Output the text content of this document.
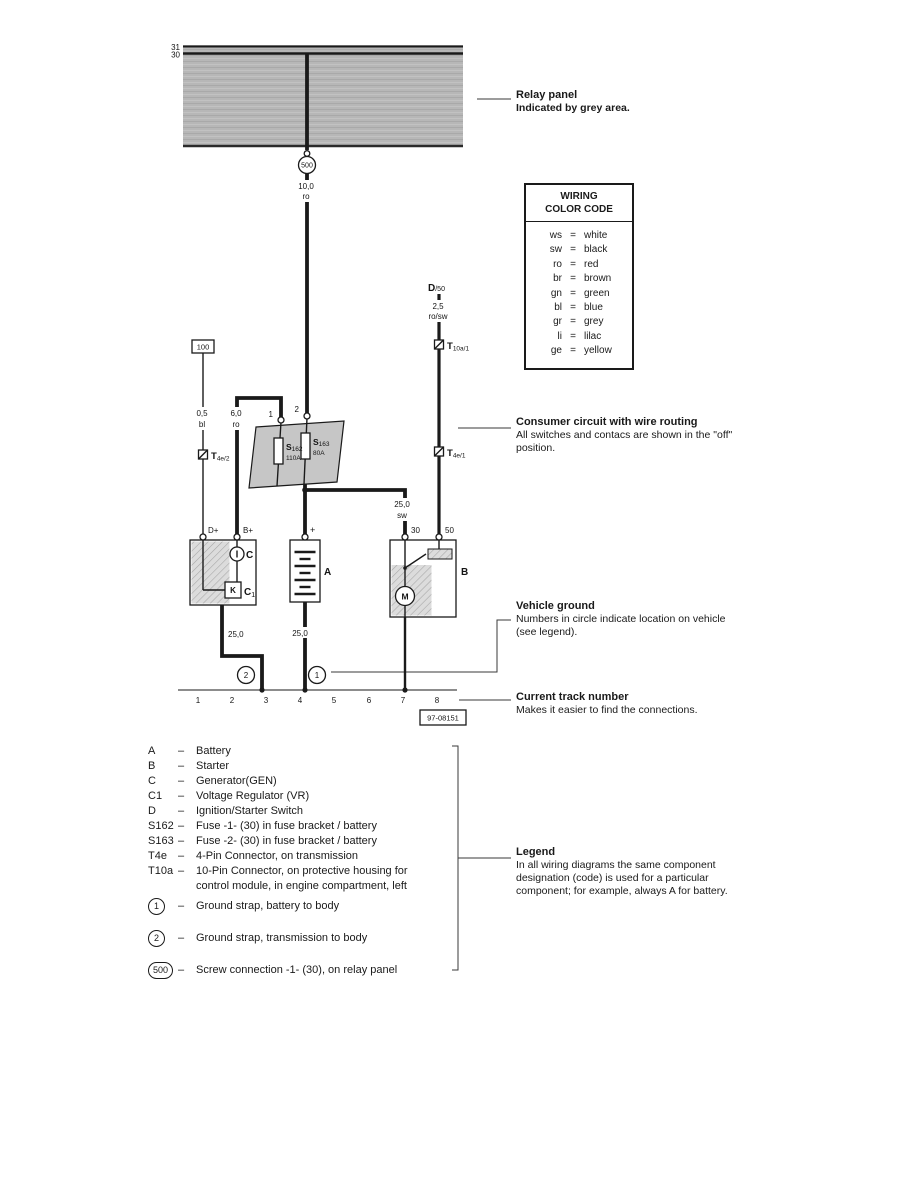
31
30
500
10,0
ro
100
0,5
bl
T4e/2
6,0
ro
1
2
S162
110A
S163
80A
25,0
sw
D/50
2,5
ro/sw
T10a/1
T4e/1
K
C
C1
D+	B+	+
A
M
30	50
B
25,0	25,0
2	1
1	2	3	4	5	6	7	8
97-08151
Relay panel
Indicated by grey area.
Consumer circuit with wire routing
All switches and contacs are shown in the "off"
position.
Vehicle ground
Numbers in circle indicate location on vehicle
(see legend).
Current track number
Makes it easier to find the connections.
Legend
In all wiring diagrams the same component
designation (code) is used for a particular
component; for example, always A for battery.
WIRING
COLOR CODE
ws = white
sw = black
ro = red
br = brown
gn = green
bl = blue
gr = grey
li = lilac
ge = yellow
A	–	Battery
B	–	Starter
C	–	Generator(GEN)
C1	–	Voltage Regulator (VR)
D	–	Ignition/Starter Switch
S162 –	Fuse -1- (30) in fuse bracket / battery
S163 –	Fuse -2- (30) in fuse bracket / battery
T4e	–	4-Pin Connector, on transmission
T10a –	10-Pin Connector, on protective housing for
control module, in engine compartment, left
1	–	Ground strap, battery to body
2	–	Ground strap, transmission to body
500 –	Screw connection -1- (30), on relay panel
